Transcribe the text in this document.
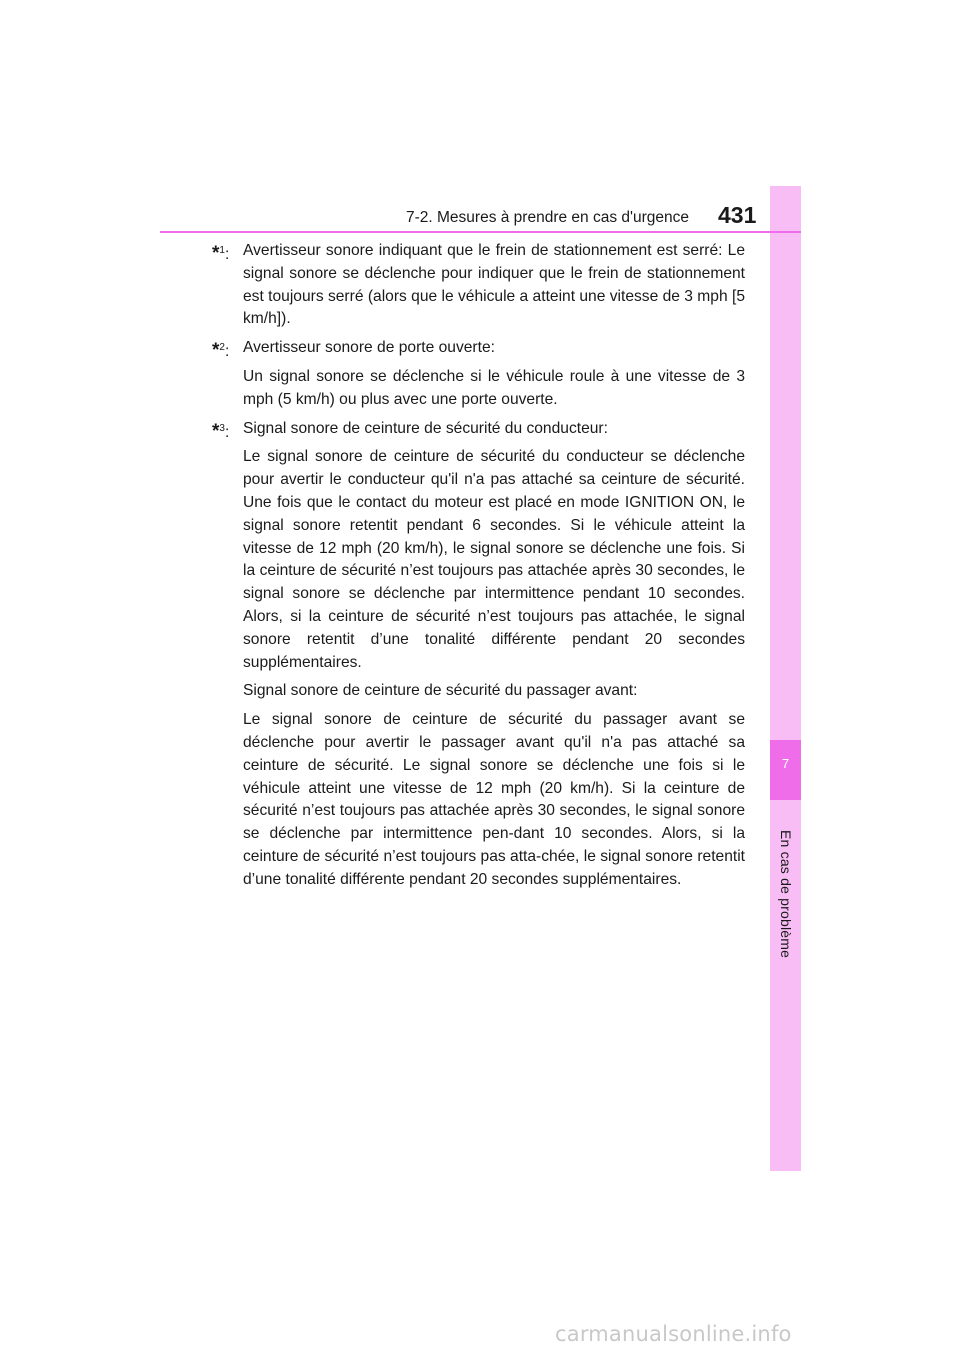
7
En cas de problème
7-2. Mesures à prendre en cas d'urgence 431
*$^1$: Avertisseur sonore indiquant que le frein de stationnement est serré: Le signal sonore se déclenche pour indiquer que le frein de stationnement est toujours serré (alors que le véhicule a atteint une vitesse de 3 mph [5 km/h]).

*$^2$: Avertisseur sonore de porte ouverte:

Un signal sonore se déclenche si le véhicule roule à une vitesse de 3 mph (5 km/h) ou plus avec une porte ouverte.

*$^3$: Signal sonore de ceinture de sécurité du conducteur:

Le signal sonore de ceinture de sécurité du conducteur se déclenche pour avertir le conducteur qu'il n'a pas attaché sa ceinture de sécurité. Une fois que le contact du moteur est placé en mode IGNITION ON, le signal sonore retentit pendant 6 secondes. Si le véhicule atteint la vitesse de 12 mph (20 km/h), le signal sonore se déclenche une fois. Si la ceinture de sécurité n’est toujours pas attachée après 30 secondes, le signal sonore se déclenche par intermittence pendant 10 secondes. Alors, si la ceinture de sécurité n’est toujours pas attachée, le signal sonore retentit d’une tonalité différente pendant 20 secondes supplémentaires.

Signal sonore de ceinture de sécurité du passager avant:

Le signal sonore de ceinture de sécurité du passager avant se déclenche pour avertir le passager avant qu'il n'a pas attaché sa ceinture de sécurité. Le signal sonore se déclenche une fois si le véhicule atteint une vitesse de 12 mph (20 km/h). Si la ceinture de sécurité n’est toujours pas attachée après 30 secondes, le signal sonore se déclenche par intermittence pen-dant 10 secondes. Alors, si la ceinture de sécurité n’est toujours pas atta-chée, le signal sonore retentit d’une tonalité différente pendant 20 secondes supplémentaires.

carmanualsonline.info
